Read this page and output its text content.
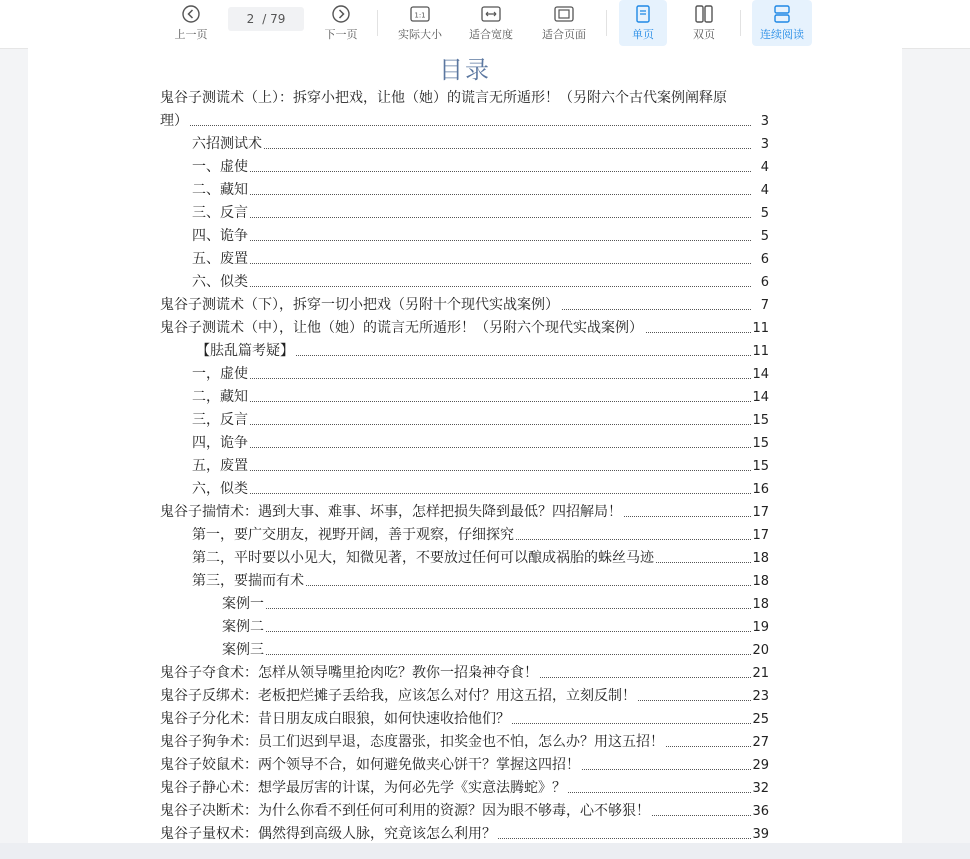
上一页
2 / 79
下一页
1:1
实际大小 适合宽度	适合页面	单页	双页	连续阅读
目录
鬼谷子测谎术（上）：拆穿小把戏，让他（她）的谎言无所遁形！（另附六个古代案例阐释原
理）	3
六招测试术	3
一、虚使	4
二、藏知	4
三、反言	5
四、诡争	5
五、废置	6
六、似类	6
鬼谷子测谎术（下），拆穿一切小把戏（另附十个现代实战案例）	7
鬼谷子测谎术（中），让他（她）的谎言无所遁形！（另附六个现代实战案例）	11
【胠乱篇考疑】	11
一，虚使	14
二，藏知	14
三，反言	15
四，诡争	15
五，废置	15
六，似类	16
鬼谷子揣情术：遇到大事、难事、坏事，怎样把损失降到最低？四招解局！	17
第一，要广交朋友，视野开阔，善于观察，仔细探究	17
第二，平时要以小见大，知微见著，不要放过任何可以酿成祸胎的蛛丝马迹	18
第三，要揣而有术	18
案例一	18
案例二	19
案例三	20
鬼谷子夺食术：怎样从领导嘴里抢肉吃？教你一招枭神夺食！	21
鬼谷子反绑术：老板把烂摊子丢给我，应该怎么对付？用这五招，立刻反制！	23
鬼谷子分化术：昔日朋友成白眼狼，如何快速收拾他们？	25
鬼谷子狗争术：员工们迟到早退，态度嚣张，扣奖金也不怕，怎么办？用这五招！	27
鬼谷子姣鼠术：两个领导不合，如何避免做夹心饼干？掌握这四招！	29
鬼谷子静心术：想学最厉害的计谋，为何必先学《实意法腾蛇》？	32
鬼谷子决断术：为什么你看不到任何可利用的资源？因为眼不够毒，心不够狠！	36
鬼谷子量权术：偶然得到高级人脉，究竟该怎么利用？	39
